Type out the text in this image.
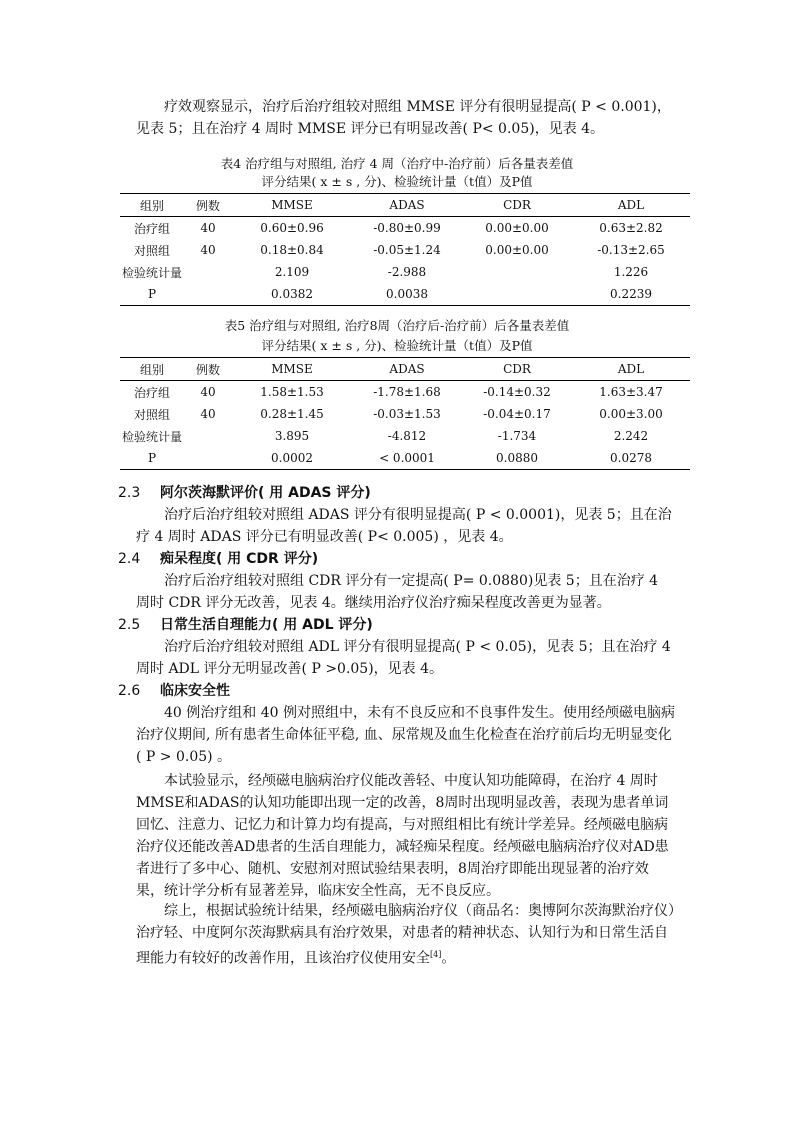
疗效观察显示，治疗后治疗组较对照组 MMSE 评分有很明显提高( P < 0.001)，见表 5；且在治疗 4 周时 MMSE 评分已有明显改善( P< 0.05)，见表 4。

表4 治疗组与对照组, 治疗 4 周（治疗中-治疗前）后各量表差值
评分结果( x ± s , 分)、检验统计量（t值）及P值
组别	例数	MMSE	ADAS	CDR	ADL
治疗组	40	0.60±0.96	-0.80±0.99	0.00±0.00	0.63±2.82
对照组	40	0.18±0.84	-0.05±1.24	0.00±0.00	-0.13±2.65
检验统计量		2.109	-2.988		1.226
P		0.0382	0.0038		0.2239
表5 治疗组与对照组, 治疗8周（治疗后-治疗前）后各量表差值
评分结果( x ± s , 分)、检验统计量（t值）及P值
组别	例数	MMSE	ADAS	CDR	ADL
治疗组	40	1.58±1.53	-1.78±1.68	-0.14±0.32	1.63±3.47
对照组	40	0.28±1.45	-0.03±1.53	-0.04±0.17	0.00±3.00
检验统计量		3.895	-4.812	-1.734	2.242
P		0.0002	< 0.0001	0.0880	0.0278
2.3 阿尔茨海默评价( 用 ADAS 评分)

治疗后治疗组较对照组 ADAS 评分有很明显提高( P < 0.0001)，见表 5；且在治疗 4 周时 ADAS 评分已有明显改善( P< 0.005) ，见表 4。

2.4 痴呆程度( 用 CDR 评分)

治疗后治疗组较对照组 CDR 评分有一定提高( P= 0.0880)见表 5；且在治疗 4 周时 CDR 评分无改善，见表 4。继续用治疗仪治疗痴呆程度改善更为显著。

2.5 日常生活自理能力( 用 ADL 评分)

治疗后治疗组较对照组 ADL 评分有很明显提高( P < 0.05)，见表 5；且在治疗 4 周时 ADL 评分无明显改善( P >0.05)，见表 4。

2.6 临床安全性

40 例治疗组和 40 例对照组中，未有不良反应和不良事件发生。使用经颅磁电脑病治疗仪期间, 所有患者生命体征平稳, 血、尿常规及血生化检查在治疗前后均无明显变化( P > 0.05) 。

本试验显示，经颅磁电脑病治疗仪能改善轻、中度认知功能障碍，在治疗 4 周时MMSE和ADAS的认知功能即出现一定的改善，8周时出现明显改善，表现为患者单词回忆、注意力、记忆力和计算力均有提高，与对照组相比有统计学差异。经颅磁电脑病治疗仪还能改善AD患者的生活自理能力，减轻痴呆程度。经颅磁电脑病治疗仪对AD患者进行了多中心、随机、安慰剂对照试验结果表明，8周治疗即能出现显著的治疗效果，统计学分析有显著差异，临床安全性高，无不良反应。

综上，根据试验统计结果，经颅磁电脑病治疗仪（商品名：奥博阿尔茨海默治疗仪）治疗轻、中度阿尔茨海默病具有治疗效果，对患者的精神状态、认知行为和日常生活自理能力有较好的改善作用，且该治疗仪使用安全[4]。
